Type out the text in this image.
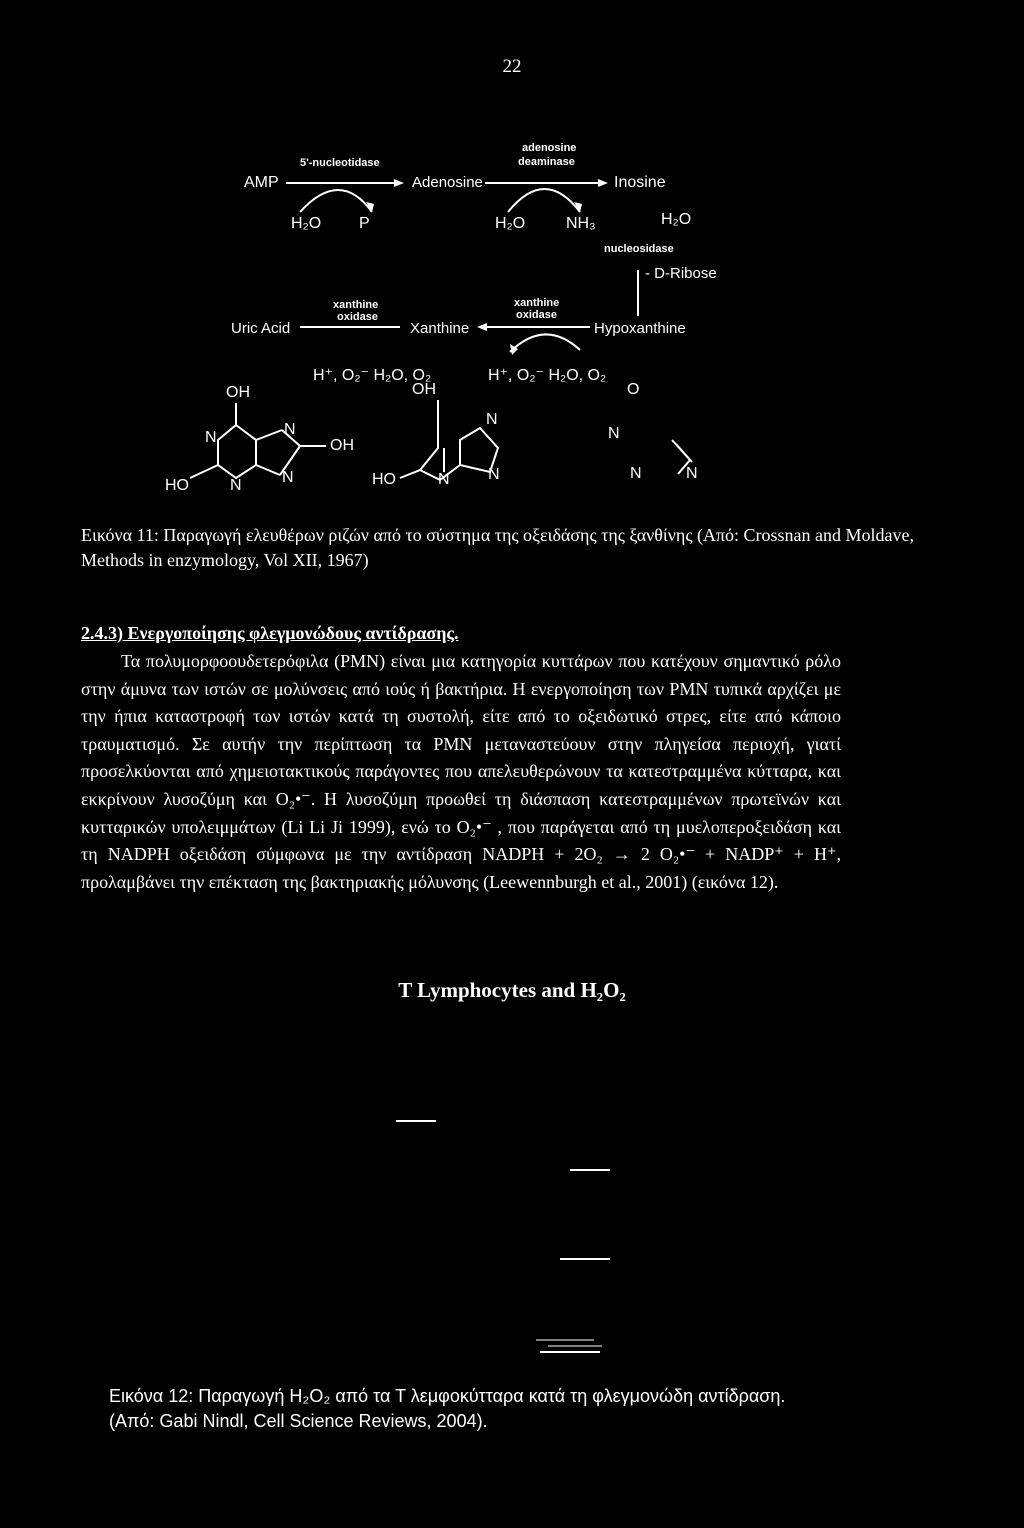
22
AMP
5'-nucleotidase
Adenosine
adenosine
deaminase
Inosine
H₂O P	H₂O	NH₃	H₂O
nucleosidase
- D-Ribose
Uric Acid
xanthine
oxidase
Xanthine
xanthine
oxidase
Hypoxanthine
H⁺, O₂⁻ H₂O, O₂	H⁺, O₂⁻ H₂O, O₂
OH
N	N
OH
HO	N	N
OH
N
HO	N N
O
N
N	N
Εικόνα 11: Παραγωγή ελευθέρων ριζών από το σύστημα της οξειδάσης της ξανθίνης (Από: Crossnan and Moldave, Methods in enzymology, Vol XII, 1967)
2.4.3) Ενεργοποίησης φλεγμονώδους αντίδρασης.

Τα πολυμορφοουδετερόφιλα (PMN) είναι μια κατηγορία κυττάρων που κατέχουν σημαντικό ρόλο στην άμυνα των ιστών σε μολύνσεις από ιούς ή βακτήρια. Η ενεργοποίηση των PMN τυπικά αρχίζει με την ήπια καταστροφή των ιστών κατά τη συστολή, είτε από το οξειδωτικό στρες, είτε από κάποιο τραυματισμό. Σε αυτήν την περίπτωση τα PMN μεταναστεύουν στην πληγείσα περιοχή, γιατί προσελκύονται από χημειοτακτικούς παράγοντες που απελευθερώνουν τα κατεστραμμένα κύτταρα, και εκκρίνουν λυσοζύμη και O₂•⁻. Η λυσοζύμη προωθεί τη διάσπαση κατεστραμμένων πρωτεϊνών και κυτταρικών υπολειμμάτων (Li Li Ji 1999), ενώ το O₂•⁻ , που παράγεται από τη μυελοπεροξειδάση και τη NADPH οξειδάση σύμφωνα με την αντίδραση NADPH + 2O₂ → 2 O₂•⁻ + NADP⁺ + H⁺, προλαμβάνει την επέκταση της βακτηριακής μόλυνσης (Leewennburgh et al., 2001) (εικόνα 12).

T Lymphocytes and H₂O₂
Εικόνα 12: Παραγωγή H₂O₂ από τα Τ λεμφοκύτταρα κατά τη φλεγμονώδη αντίδραση.
(Από: Gabi Nindl, Cell Science Reviews, 2004).
